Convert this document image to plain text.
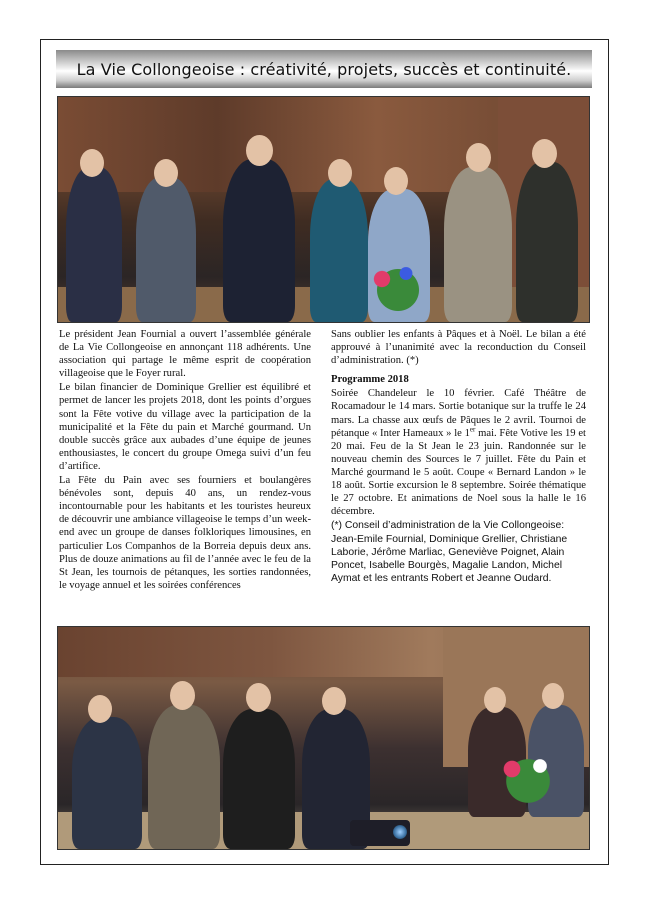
La Vie Collongeoise : créativité, projets, succès et continuité.

Le président Jean Fournial a ouvert l’assemblée générale de La Vie Collongeoise en annonçant 118 adhérents. Une association qui partage le même esprit de coopération villageoise que le Foyer rural.

Le bilan financier de Dominique Grellier est équilibré et permet de lancer les projets 2018, dont les points d’orgues sont la Fête votive du village avec la participation de la municipalité et la Fête du pain et Marché gourmand. Un double succès grâce aux aubades d’une équipe de jeunes enthousiastes, le concert du groupe Omega suivi d’un feu d’artifice.

La Fête du Pain avec ses fourniers et boulangères bénévoles sont, depuis 40 ans, un rendez-vous incontournable pour les habitants et les touristes heureux de découvrir une ambiance villageoise le temps d’un week-end avec un groupe de danses folkloriques limousines, en particulier Los Companhos de la Borreia depuis deux ans. Plus de douze animations au fil de l’année avec le feu de la St Jean, les tournois de pétanques, les sorties randonnées, le voyage annuel et les soirées conférences

Sans oublier les enfants à Pâques et à Noël. Le bilan a été approuvé à l’unanimité avec la reconduction du Conseil d’administration. (*)

Programme 2018

Soirée Chandeleur le 10 février. Café Théâtre de Rocamadour le 14 mars. Sortie botanique sur la truffe le 24 mars. La chasse aux œufs de Pâques le 2 avril. Tournoi de pétanque « Inter Hameaux » le 1er mai. Fête Votive les 19 et 20 mai. Feu de la St Jean le 23 juin. Randonnée sur le nouveau chemin des Sources le 7 juillet. Fête du Pain et Marché gourmand le 5 août. Coupe « Bernard Landon » le 18 août. Sortie excursion le 8 septembre. Soirée thématique le 27 octobre. Et animations de Noel sous la halle le 16 décembre.

(*) Conseil d’administration de la Vie Collongeoise: Jean-Emile Fournial, Dominique Grellier, Christiane Laborie, Jérôme Marliac, Geneviève Poignet, Alain Poncet, Isabelle Bourgès, Magalie Landon, Michel Aymat et les entrants Robert et Jeanne Oudard.
